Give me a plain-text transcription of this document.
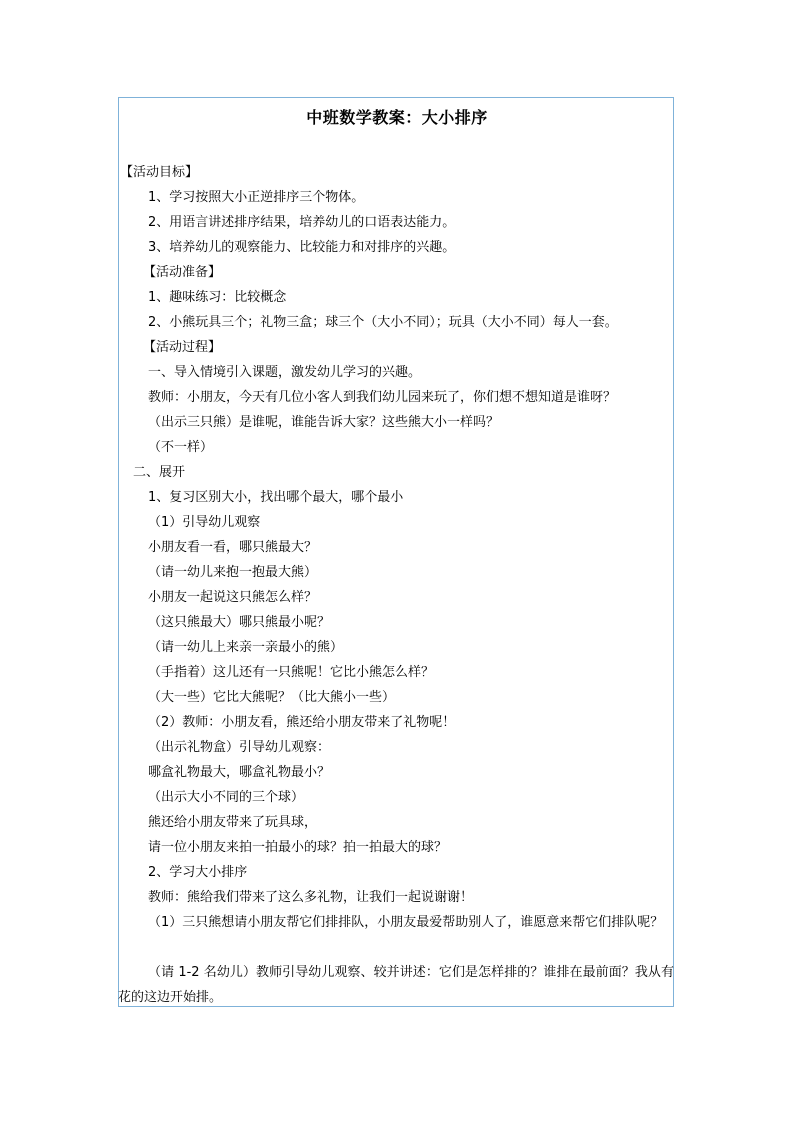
中班数学教案：大小排序
【活动目标】
1、学习按照大小正逆排序三个物体。
2、用语言讲述排序结果，培养幼儿的口语表达能力。
3、培养幼儿的观察能力、比较能力和对排序的兴趣。
【活动准备】
1、趣味练习：比较概念
2、小熊玩具三个；礼物三盒；球三个（大小不同）；玩具（大小不同）每人一套。
【活动过程】
一、导入情境引入课题，激发幼儿学习的兴趣。
教师：小朋友，今天有几位小客人到我们幼儿园来玩了，你们想不想知道是谁呀？
（出示三只熊）是谁呢，谁能告诉大家？这些熊大小一样吗？
（不一样）
二、展开
1、复习区别大小，找出哪个最大，哪个最小
（1）引导幼儿观察
小朋友看一看，哪只熊最大？
（请一幼儿来抱一抱最大熊）
小朋友一起说这只熊怎么样？
（这只熊最大）哪只熊最小呢？
（请一幼儿上来亲一亲最小的熊）
（手指着）这儿还有一只熊呢！它比小熊怎么样？
（大一些）它比大熊呢？（比大熊小一些）
（2）教师：小朋友看，熊还给小朋友带来了礼物呢！
（出示礼物盒）引导幼儿观察：
哪盒礼物最大，哪盒礼物最小？
（出示大小不同的三个球）
熊还给小朋友带来了玩具球，
请一位小朋友来拍一拍最小的球？拍一拍最大的球？
2、学习大小排序
教师：熊给我们带来了这么多礼物，让我们一起说谢谢！
（1）三只熊想请小朋友帮它们排排队，小朋友最爱帮助别人了，谁愿意来帮它们排队呢？
（请 1-2 名幼儿）教师引导幼儿观察、较并讲述：它们是怎样排的？谁排在最前面？我从有花的这边开始排。
